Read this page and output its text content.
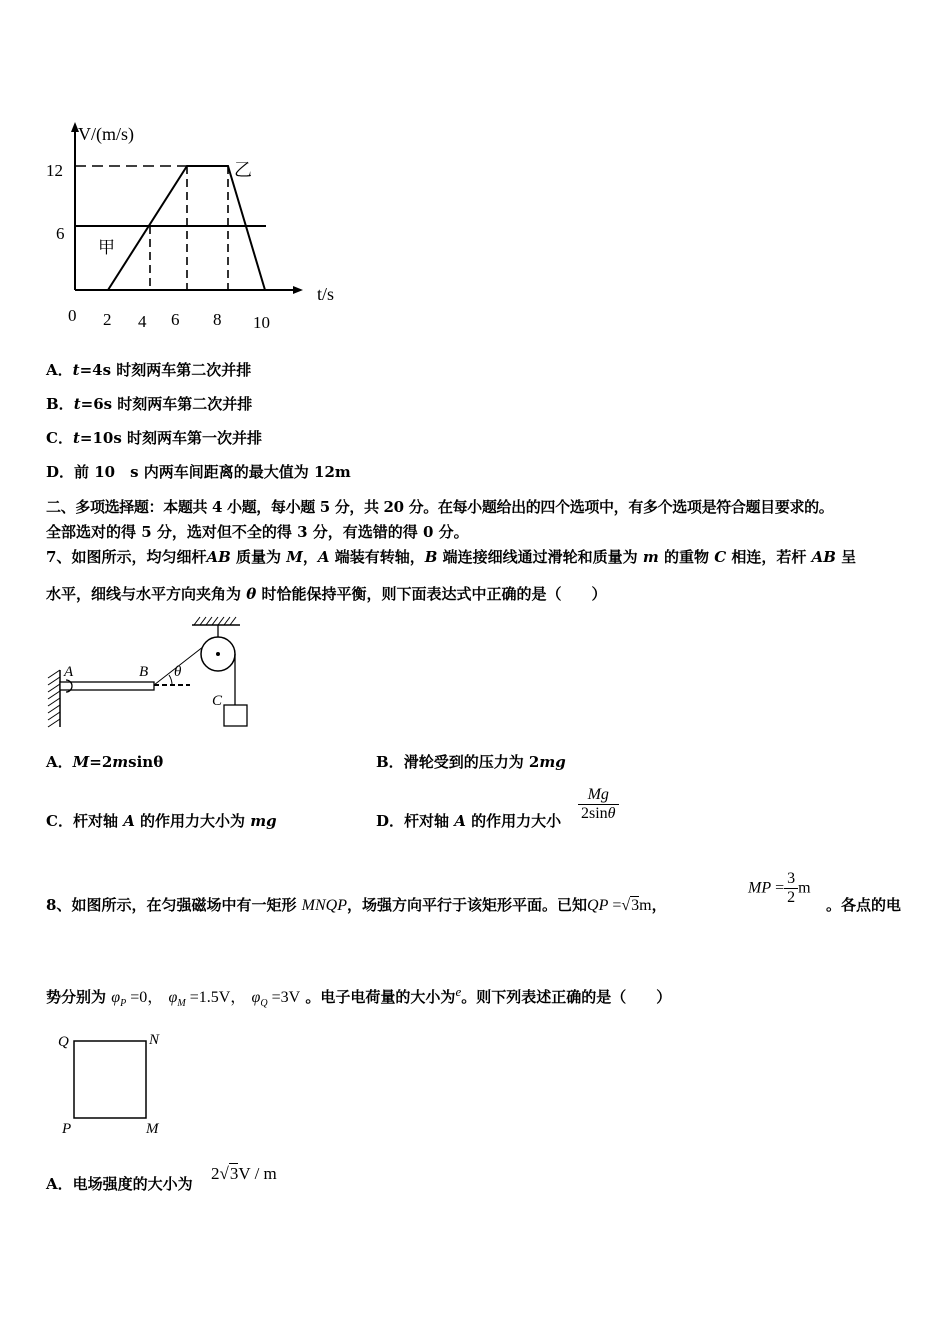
V/(m/s)
t/s
12
6
0 2 4 6 8 10
甲
乙
A．t=4s 时刻两车第二次并排
B．t=6s 时刻两车第二次并排
C．t=10s 时刻两车第一次并排
D．前 10　s 内两车间距离的最大值为 12m
二、多项选择题：本题共 4 小题，每小题 5 分，共 20 分。在每小题给出的四个选项中，有多个选项是符合题目要求的。
全部选对的得 5 分，选对但不全的得 3 分，有选错的得 0 分。
7、如图所示，均匀细杆AB 质量为 M，A 端装有转轴，B 端连接细线通过滑轮和质量为 m 的重物 C 相连，若杆 AB 呈
水平，细线与水平方向夹角为 θ 时恰能保持平衡，则下面表达式中正确的是（　　）
A	B θ
C
A．M=2msinθ	B．滑轮受到的压力为 2mg
C．杆对轴 A 的作用力大小为 mg	D．杆对轴 A 的作用力大小 $\frac{Mg}{2\sin\theta}$
8、如图所示，在匀强磁场中有一矩形 MNQP，场强方向平行于该矩形平面。已知QP =√3m，
MP = $\frac{3}{2}$ m
。各点的电
势分别为 $\varphi_P =0$， $\varphi_M =1.5V$， $\varphi_Q =3V$ 。电子电荷量的大小为$^e$。则下列表述正确的是（　　）
Q	N
P	M
A．电场强度的大小为
2√3V / m
